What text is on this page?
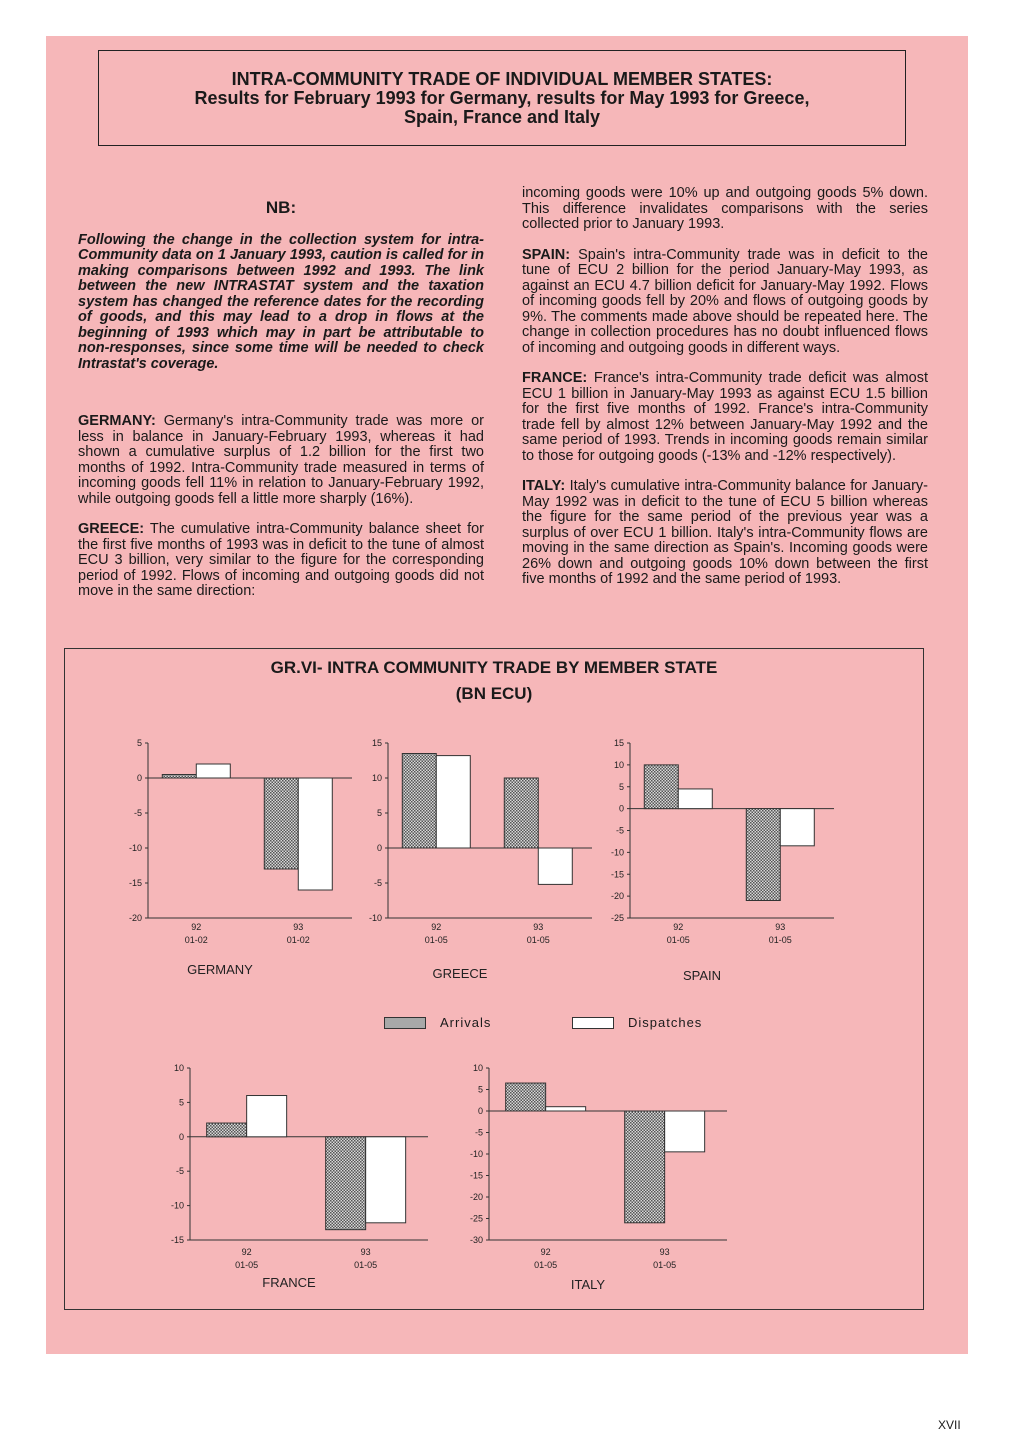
INTRA-COMMUNITY TRADE OF INDIVIDUAL MEMBER STATES:
Results for February 1993 for Germany, results for May 1993 for Greece,
Spain, France and Italy
NB:
Following the change in the collection system for intra-Community data on 1 January 1993, caution is called for in making comparisons between 1992 and 1993. The link between the new INTRASTAT system and the taxation system has changed the reference dates for the recording of goods, and this may lead to a drop in flows at the beginning of 1993 which may in part be attributable to non-responses, since some time will be needed to check Intrastat's coverage.
GERMANY: Germany's intra-Community trade was more or less in balance in January-February 1993, whereas it had shown a cumulative surplus of 1.2 billion for the first two months of 1992. Intra-Community trade measured in terms of incoming goods fell 11% in relation to January-February 1992, while outgoing goods fell a little more sharply (16%).
GREECE: The cumulative intra-Community balance sheet for the first five months of 1993 was in deficit to the tune of almost ECU 3 billion, very similar to the figure for the corresponding period of 1992. Flows of incoming and outgoing goods did not move in the same direction:
incoming goods were 10% up and outgoing goods 5% down. This difference invalidates comparisons with the series collected prior to January 1993.
SPAIN: Spain's intra-Community trade was in deficit to the tune of ECU 2 billion for the period January-May 1993, as against an ECU 4.7 billion deficit for January-May 1992. Flows of incoming goods fell by 20% and flows of outgoing goods by 9%. The comments made above should be repeated here. The change in collection procedures has no doubt influenced flows of incoming and outgoing goods in different ways.
FRANCE: France's intra-Community trade deficit was almost ECU 1 billion in January-May 1993 as against ECU 1.5 billion for the first five months of 1992. France's intra-Community trade fell by almost 12% between January-May 1992 and the same period of 1993. Trends in incoming goods remain similar to those for outgoing goods (-13% and -12% respectively).
ITALY: Italy's cumulative intra-Community balance for January-May 1992 was in deficit to the tune of ECU 5 billion whereas the figure for the same period of the previous year was a surplus of over ECU 1 billion. Italy's intra-Community flows are moving in the same direction as Spain's. Incoming goods were 26% down and outgoing goods 10% down between the first five months of 1992 and the same period of 1993.
GR.VI- INTRA COMMUNITY TRADE BY MEMBER STATE
(BN ECU)
5
0
-5
-10
-15
-20
92
01-02
93
01-02
GERMANY
15
10
5
0
-5
-10
92
01-05
93
01-05
GREECE
15
10
5
0
-5
-10
-15
-20
-25
92
01-05
93
01-05
SPAIN
10
5
0
-5
-10
-15
92
01-05
93
01-05
FRANCE
10
5
0
-5
-10
-15
-20
-25
-30
92
01-05
93
01-05
ITALY
Arrivals	Dispatches
XVII
